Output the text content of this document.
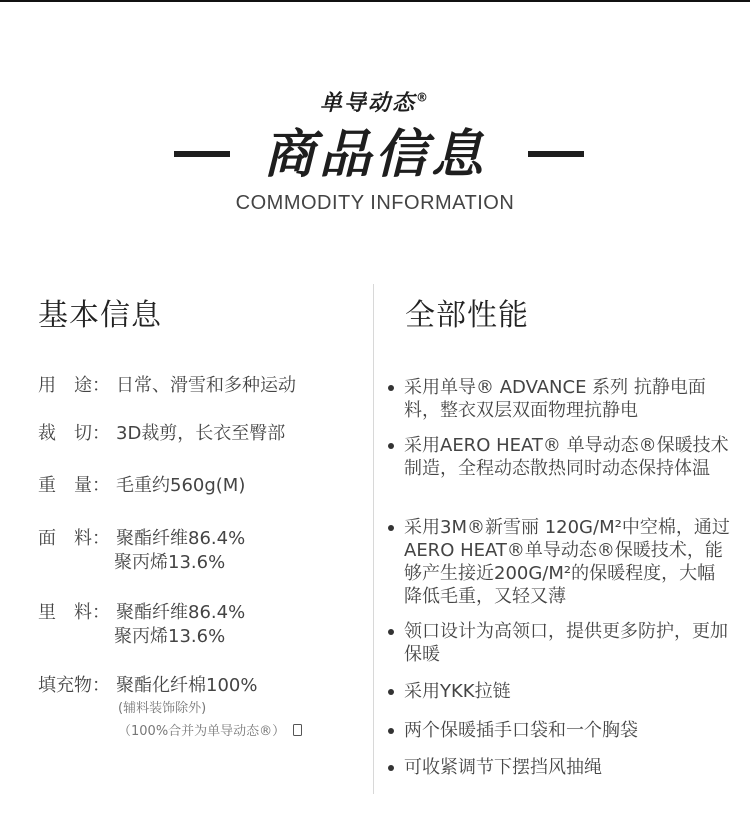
单导动态®
商品信息
COMMODITY INFORMATION
基本信息	全部性能
用　途： 日常、滑雪和多种运动
裁　切： 3D裁剪，长衣至臀部
重　量： 毛重约560g(M)
面　料： 聚酯纤维86.4%
聚丙烯13.6%
里　料： 聚酯纤维86.4%
聚丙烯13.6%
填充物： 聚酯化纤棉100%
(辅料装饰除外)
（100%合并为单导动态®）
采用单导® ADVANCE 系列 抗静电面料，整衣双层双面物理抗静电
采用AERO HEAT® 单导动态®保暖技术制造，全程动态散热同时动态保持体温
采用3M®新雪丽 120G/M²中空棉，通过AERO HEAT®单导动态®保暖技术，能够产生接近200G/M²的保暖程度，大幅降低毛重，又轻又薄
领口设计为高领口，提供更多防护，更加保暖
采用YKK拉链
两个保暖插手口袋和一个胸袋
可收紧调节下摆挡风抽绳
